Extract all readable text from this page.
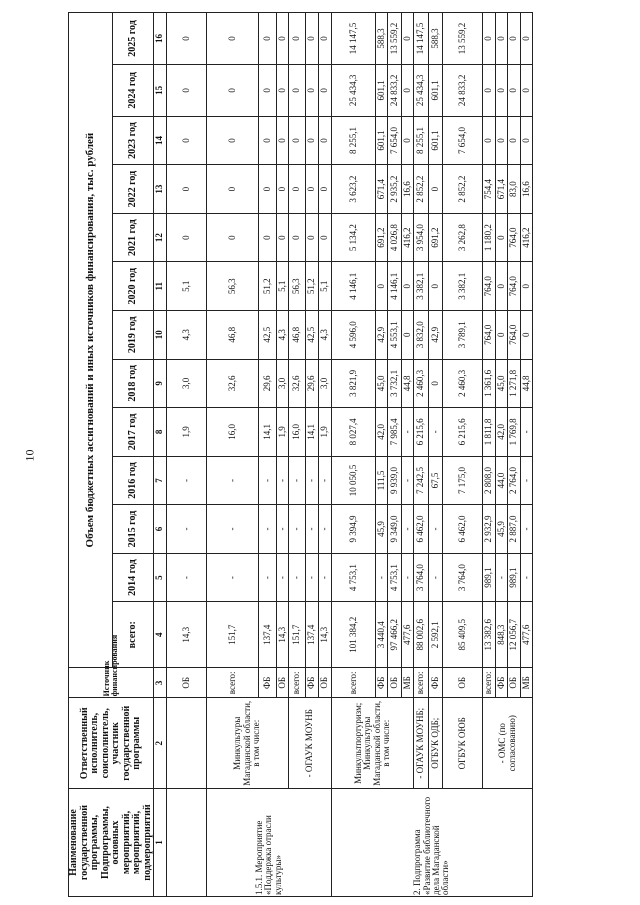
10
Наименование государственной программы, Подпрограммы, основных мероприятий, мероприятий, подмероприятий	Ответственный исполнитель, соисполнитель, участник государственной программы	Источник финансирования	Объем бюджетных ассигнований и иных источников финансирования, тыс. рублей												
			всего:	2014 год	2015 год	2016 год	2017 год	2018 год	2019 год	2020 год	2021 год	2022 год	2023 год	2024 год	2025 год

1	2	3	4	5	6	7	8	9	10	11	12	13	14	15	16
		ОБ	14,3	-	-	-	1,9	3,0	4,3	5,1	0	0	0	0	0
1.5.1. Мероприятие «Поддержка отрасли культуры»	Минкультуры Магаданской области, в том числе:	всего:	151,7	-	-	-	16,0	32,6	46,8	56,3	0	0	0	0	0
		ФБ	137,4	-	-	-	14,1	29,6	42,5	51,2	0	0	0	0	0
		ОБ	14,3	-	-	-	1,9	3,0	4,3	5,1	0	0	0	0	0
	- ОГАУК МОУНБ	всего:	151,7	-	-	-	16,0	32,6	46,8	56,3	0	0	0	0	0
		ФБ	137,4	-	-	-	14,1	29,6	42,5	51,2	0	0	0	0	0
		ОБ	14,3	-	-	-	1,9	3,0	4,3	5,1	0	0	0	0	0
2. Подпрограмма «Развитие библиотечного дела Магаданской области»	Минкультпортуризм; Минкультуры Магаданской области, в том числе:	всего:	101 384,2	4 753,1	9 394,9	10 050,5	8 027,4	3 821,9	4 596,0	4 146,1	5 134,2	3 623,2	8 255,1	25 434,3	14 147,5
		ФБ	3 440,4	-	45,9	111,5	42,0	45,0	42,9	0	691,2	671,4	601,1	601,1	588,3
		ОБ	97 466,2	4 753,1	9 349,0	9 939,0	7 985,4	3 732,1	4 553,1	4 146,1	4 026,8	2 935,2	7 654,0	24 833,2	13 559,2
		МБ	477,6	-	-	-	-	44,8	0	0	416,2	16,6	0	0	0
	- ОГАУК МОУНБ;	всего:	88 002,6	3 764,0	6 462,0	7 242,5	6 215,6	2 460,3	3 832,0	3 382,1	3 954,0	2 852,2	8 255,1	25 434,3	14 147,5
	ОГБУК ОДБ;	ФБ	2 592,1	-	-	67,5	-	0	42,9	0	691,2	0	601,1	601,1	588,3
	ОГБУК ОЮБ	ОБ	85 409,5	3 764,0	6 462,0	7 175,0	6 215,6	2 460,3	3 789,1	3 382,1	3 262,8	2 852,2	7 654,0	24 833,2	13 559,2
	- ОМС (по согласованию)	всего:	13 382,6	989,1	2 932,9	2 808,0	1 811,8	1 361,6	764,0	764,0	1 180,2	754,4	0	0	0
		ФБ	848,3	-	45,9	44,0	42,0	45,0	0	0	0	671,4	0	0	0
		ОБ	12 056,7	989,1	2 887,0	2 764,0	1 769,8	1 271,8	764,0	764,0	764,0	83,0	0	0	0
		МБ	477,6	-	-	-	-	44,8	0	0	416,2	16,6	0	0	0
